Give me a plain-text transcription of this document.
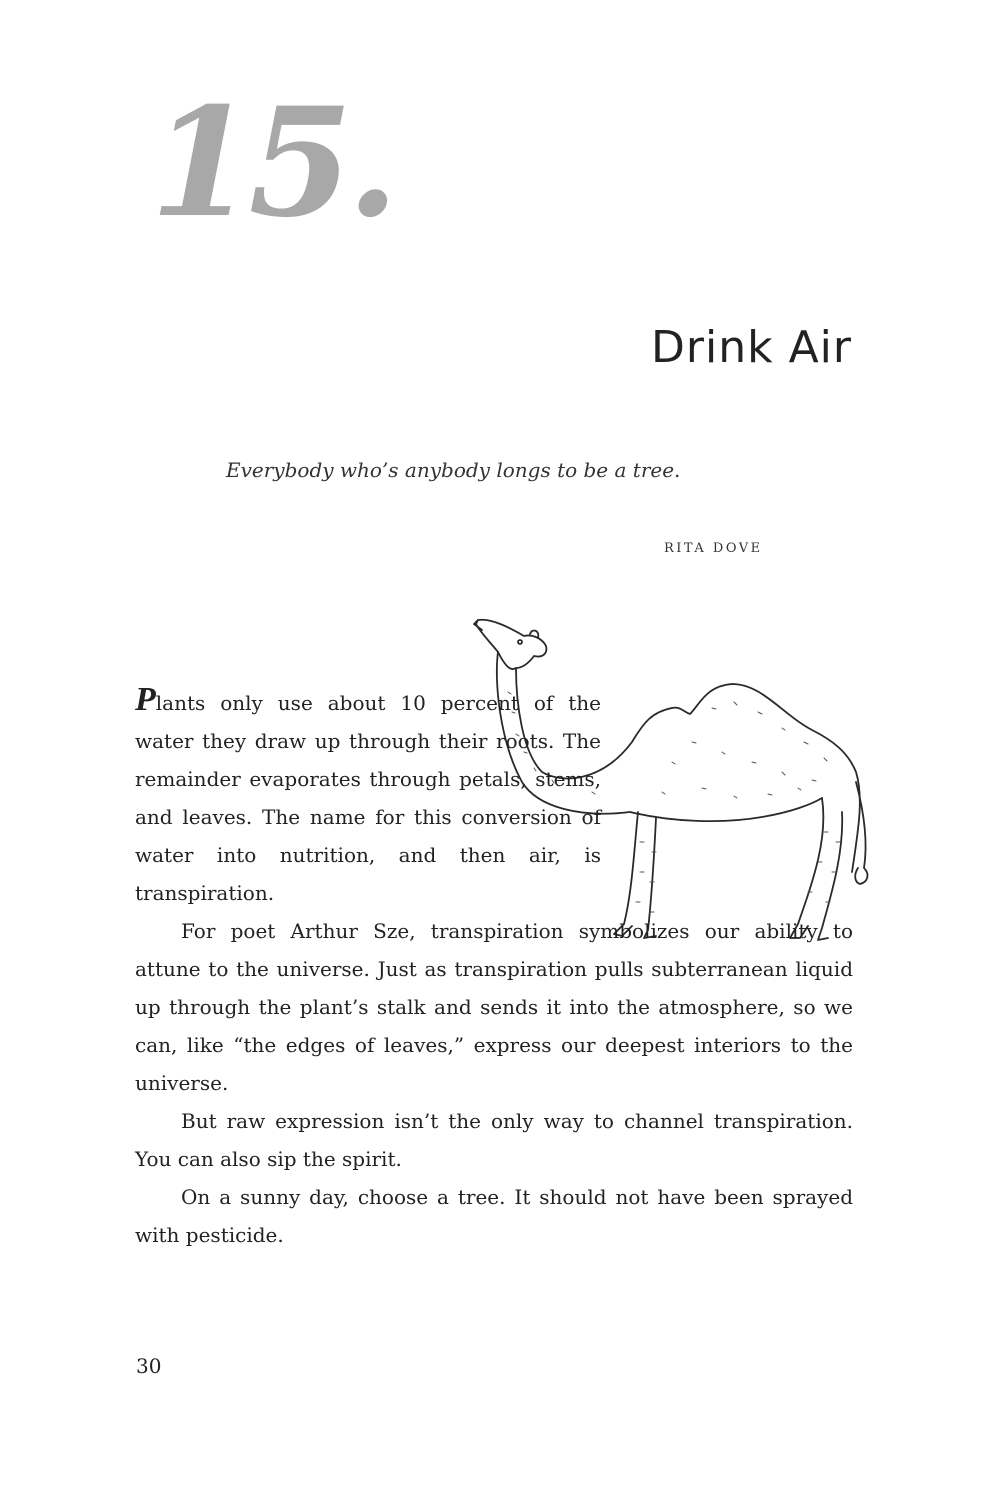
15.
Drink Air

Everybody who’s anybody longs to be a tree.

RITA DOVE

Plants only use about 10 percent of the water they draw up through their roots. The remainder evaporates through petals, stems, and leaves. The name for this conversion of water into nutrition, and then air, is transpiration.

For poet Arthur Sze, transpiration symbolizes our ability to attune to the universe. Just as transpiration pulls subterranean liquid up through the plant’s stalk and sends it into the atmosphere, so we can, like “the edges of leaves,” express our deepest interiors to the universe.

But raw expression isn’t the only way to channel transpiration. You can also sip the spirit.

On a sunny day, choose a tree. It should not have been sprayed with pesticide.

30
